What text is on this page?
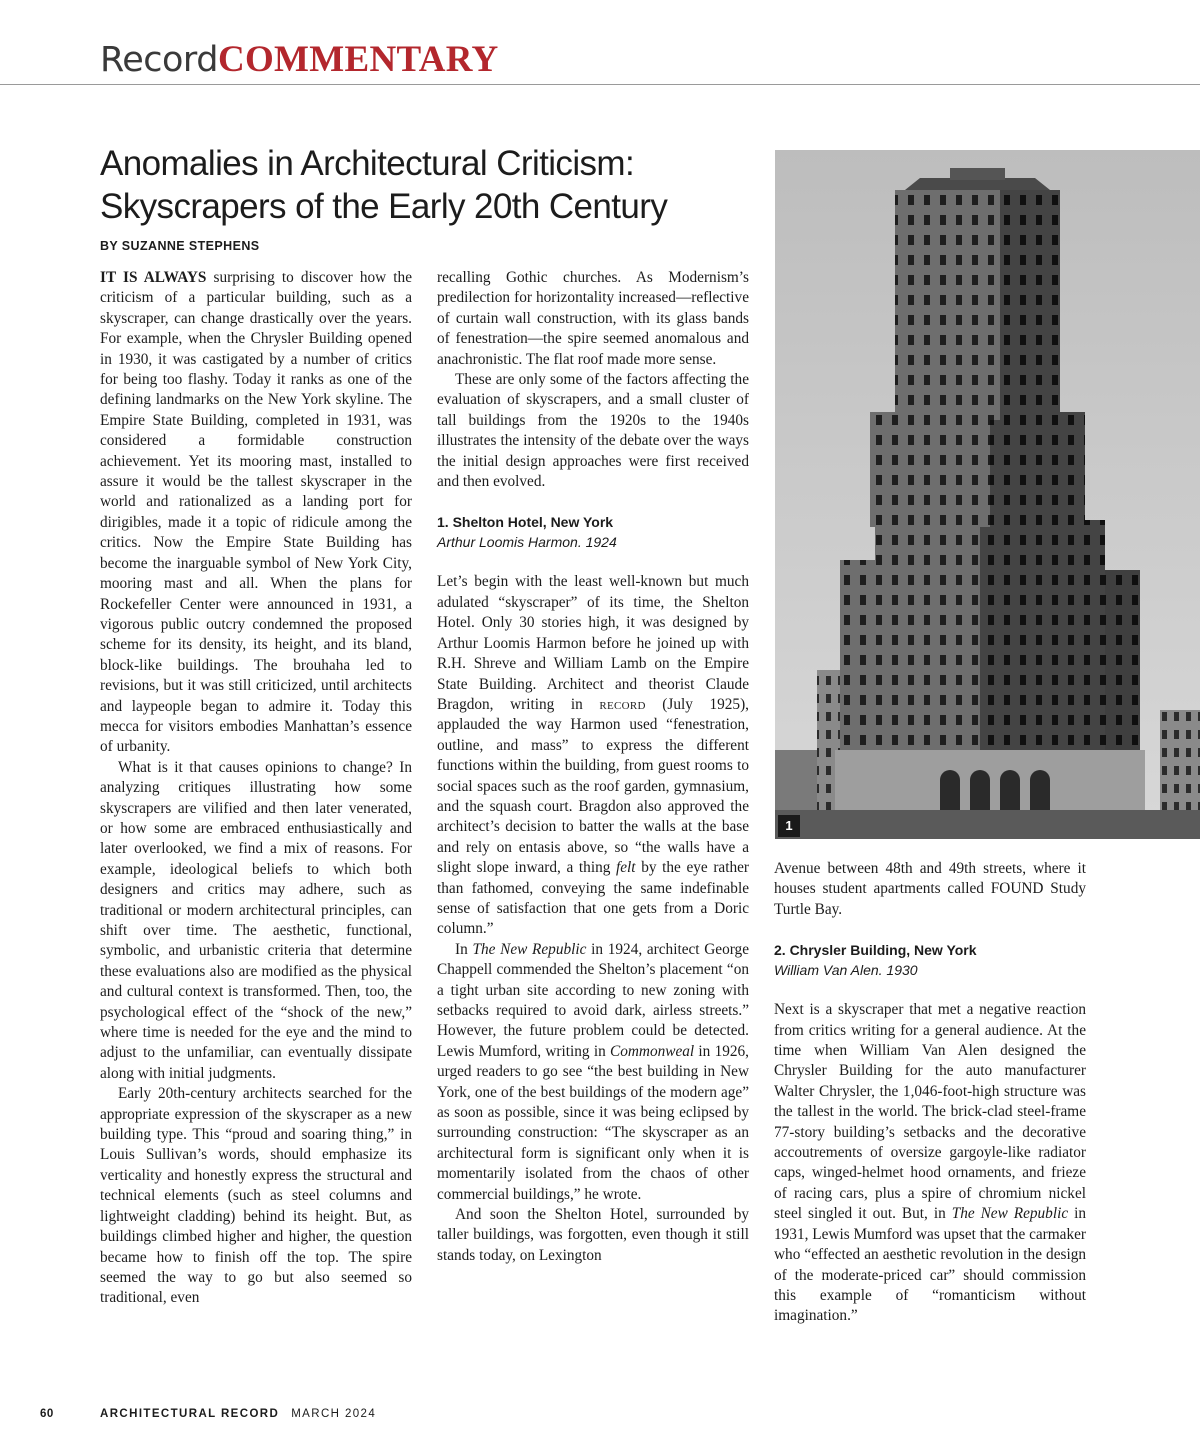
RecordCOMMENTARY
Anomalies in Architectural Criticism: Skyscrapers of the Early 20th Century
BY SUZANNE STEPHENS

IT IS ALWAYS surprising to discover how the criticism of a particular building, such as a skyscraper, can change drastically over the years. For example, when the Chrysler Building opened in 1930, it was castigated by a number of critics for being too flashy. Today it ranks as one of the defining landmarks on the New York skyline. The Empire State Building, completed in 1931, was considered a formidable construction achievement. Yet its mooring mast, installed to assure it would be the tallest skyscraper in the world and rationalized as a landing port for dirigibles, made it a topic of ridicule among the critics. Now the Empire State Building has become the inarguable symbol of New York City, mooring mast and all. When the plans for Rockefeller Center were announced in 1931, a vigorous public outcry condemned the proposed scheme for its density, its height, and its bland, block-like buildings. The brouhaha led to revisions, but it was still criticized, until architects and laypeople began to admire it. Today this mecca for visitors embodies Manhattan’s essence of urbanity.

What is it that causes opinions to change? In analyzing critiques illustrating how some skyscrapers are vilified and then later venerated, or how some are embraced enthusiastically and later overlooked, we find a mix of reasons. For example, ideological beliefs to which both designers and critics may adhere, such as traditional or modern architectural principles, can shift over time. The aesthetic, functional, symbolic, and urbanistic criteria that determine these evaluations also are modified as the physical and cultural context is transformed. Then, too, the psychological effect of the “shock of the new,” where time is needed for the eye and the mind to adjust to the unfamiliar, can eventually dissipate along with initial judgments.

Early 20th-century architects searched for the appropriate expression of the skyscraper as a new building type. This “proud and soaring thing,” in Louis Sullivan’s words, should emphasize its verticality and honestly express the structural and technical elements (such as steel columns and lightweight cladding) behind its height. But, as buildings climbed higher and higher, the question became how to finish off the top. The spire seemed the way to go but also seemed so traditional, even

recalling Gothic churches. As Modernism’s predilection for horizontality increased—reflective of curtain wall construction, with its glass bands of fenestration—the spire seemed anomalous and anachronistic. The flat roof made more sense.

These are only some of the factors affecting the evaluation of skyscrapers, and a small cluster of tall buildings from the 1920s to the 1940s illustrates the intensity of the debate over the ways the initial design approaches were first received and then evolved.

1. Shelton Hotel, New York
Arthur Loomis Harmon. 1924

Let’s begin with the least well-known but much adulated “skyscraper” of its time, the Shelton Hotel. Only 30 stories high, it was designed by Arthur Loomis Harmon before he joined up with R.H. Shreve and William Lamb on the Empire State Building. Architect and theorist Claude Bragdon, writing in record (July 1925), applauded the way Harmon used “fenestration, outline, and mass” to express the different functions within the building, from guest rooms to social spaces such as the roof garden, gymnasium, and the squash court. Bragdon also approved the architect’s decision to batter the walls at the base and rely on entasis above, so “the walls have a slight slope inward, a thing felt by the eye rather than fathomed, conveying the same indefinable sense of satisfaction that one gets from a Doric column.”

In The New Republic in 1924, architect George Chappell commended the Shelton’s placement “on a tight urban site according to new zoning with setbacks required to avoid dark, airless streets.” However, the future problem could be detected. Lewis Mumford, writing in Commonweal in 1926, urged readers to go see “the best building in New York, one of the best buildings of the modern age” as soon as possible, since it was being eclipsed by surrounding construction: “The skyscraper as an architectural form is significant only when it is momentarily isolated from the chaos of other commercial buildings,” he wrote.

And soon the Shelton Hotel, surrounded by taller buildings, was forgotten, even though it still stands today, on Lexington

1

Avenue between 48th and 49th streets, where it houses student apartments called FOUND Study Turtle Bay.

2. Chrysler Building, New York
William Van Alen. 1930

Next is a skyscraper that met a negative reaction from critics writing for a general audience. At the time when William Van Alen designed the Chrysler Building for the auto manufacturer Walter Chrysler, the 1,046-foot-high structure was the tallest in the world. The brick-clad steel-frame 77-story building’s setbacks and the decorative accoutrements of oversize gargoyle-like radiator caps, winged-helmet hood ornaments, and frieze of racing cars, plus a spire of chromium nickel steel singled it out. But, in The New Republic in 1931, Lewis Mumford was upset that the carmaker who “effected an aesthetic revolution in the design of the moderate-priced car” should commission this example of “romanticism without imagination.”

60	ARCHITECTURAL RECORD MARCH 2024
